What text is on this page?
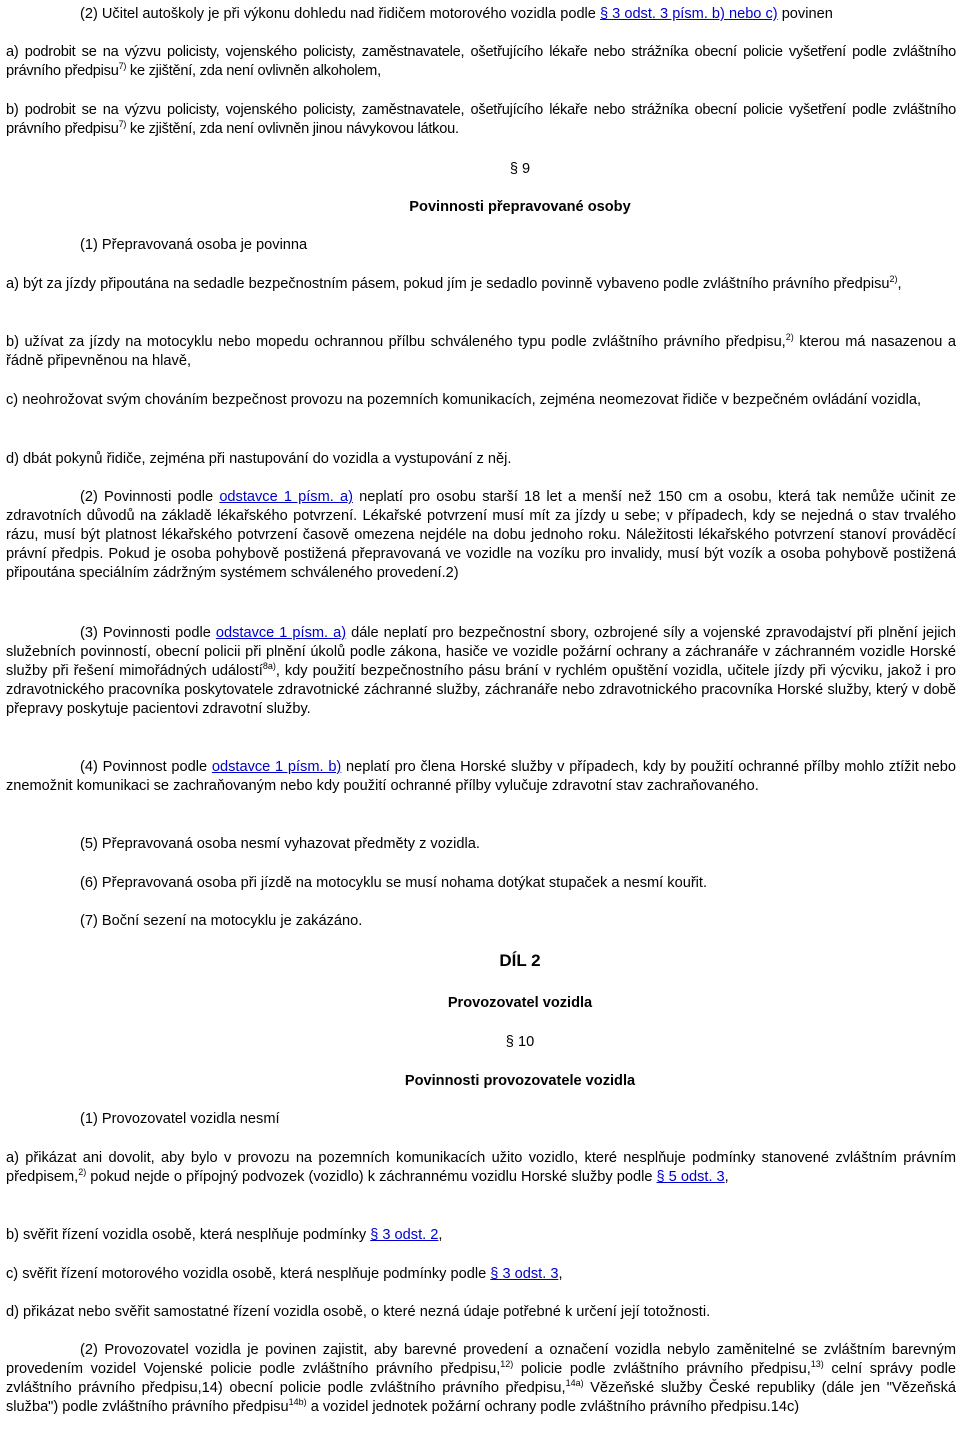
(2) Učitel autoškoly je při výkonu dohledu nad řidičem motorového vozidla podle § 3 odst. 3 písm. b) nebo c) povinen

a) podrobit se na výzvu policisty, vojenského policisty, zaměstnavatele, ošetřujícího lékaře nebo strážníka obecní policie vyšetření podle zvláštního právního předpisu$^{7)}$ ke zjištění, zda není ovlivněn alkoholem,

b) podrobit se na výzvu policisty, vojenského policisty, zaměstnavatele, ošetřujícího lékaře nebo strážníka obecní policie vyšetření podle zvláštního právního předpisu$^{7)}$ ke zjištění, zda není ovlivněn jinou návykovou látkou.

§ 9

Povinnosti přepravované osoby

(1) Přepravovaná osoba je povinna

a) být za jízdy připoutána na sedadle bezpečnostním pásem, pokud jím je sedadlo povinně vybaveno podle zvláštního právního předpisu$^{2)}$,

b) užívat za jízdy na motocyklu nebo mopedu ochrannou přílbu schváleného typu podle zvláštního právního předpisu,$^{2)}$ kterou má nasazenou a řádně připevněnou na hlavě,

c) neohrožovat svým chováním bezpečnost provozu na pozemních komunikacích, zejména neomezovat řidiče v bezpečném ovládání vozidla,

d) dbát pokynů řidiče, zejména při nastupování do vozidla a vystupování z něj.

(2) Povinnosti podle odstavce 1 písm. a) neplatí pro osobu starší 18 let a menší než 150 cm a osobu, která tak nemůže učinit ze zdravotních důvodů na základě lékařského potvrzení. Lékařské potvrzení musí mít za jízdy u sebe; v případech, kdy se nejedná o stav trvalého rázu, musí být platnost lékařského potvrzení časově omezena nejdéle na dobu jednoho roku. Náležitosti lékařského potvrzení stanoví prováděcí právní předpis. Pokud je osoba pohybově postižená přepravovaná ve vozidle na vozíku pro invalidy, musí být vozík a osoba pohybově postižená připoutána speciálním zádržným systémem schváleného provedení.2)

(3) Povinnosti podle odstavce 1 písm. a) dále neplatí pro bezpečnostní sbory, ozbrojené síly a vojenské zpravodajství při plnění jejich služebních povinností, obecní policii při plnění úkolů podle zákona, hasiče ve vozidle požární ochrany a záchranáře v záchranném vozidle Horské služby při řešení mimořádných událostí$^{8a)}$, kdy použití bezpečnostního pásu brání v rychlém opuštění vozidla, učitele jízdy při výcviku, jakož i pro zdravotnického pracovníka poskytovatele zdravotnické záchranné služby, záchranáře nebo zdravotnického pracovníka Horské služby, který v době přepravy poskytuje pacientovi zdravotní služby.

(4) Povinnost podle odstavce 1 písm. b) neplatí pro člena Horské služby v případech, kdy by použití ochranné přílby mohlo ztížit nebo znemožnit komunikaci se zachraňovaným nebo kdy použití ochranné přílby vylučuje zdravotní stav zachraňovaného.

(5) Přepravovaná osoba nesmí vyhazovat předměty z vozidla.

(6) Přepravovaná osoba při jízdě na motocyklu se musí nohama dotýkat stupaček a nesmí kouřit.

(7) Boční sezení na motocyklu je zakázáno.

DÍL 2

Provozovatel vozidla

§ 10

Povinnosti provozovatele vozidla

(1) Provozovatel vozidla nesmí

a) přikázat ani dovolit, aby bylo v provozu na pozemních komunikacích užito vozidlo, které nesplňuje podmínky stanovené zvláštním právním předpisem,$^{2)}$ pokud nejde o přípojný podvozek (vozidlo) k záchrannému vozidlu Horské služby podle § 5 odst. 3,

b) svěřit řízení vozidla osobě, která nesplňuje podmínky § 3 odst. 2,

c) svěřit řízení motorového vozidla osobě, která nesplňuje podmínky podle § 3 odst. 3,

d) přikázat nebo svěřit samostatné řízení vozidla osobě, o které nezná údaje potřebné k určení její totožnosti.

(2) Provozovatel vozidla je povinen zajistit, aby barevné provedení a označení vozidla nebylo zaměnitelné se zvláštním barevným provedením vozidel Vojenské policie podle zvláštního právního předpisu,$^{12)}$ policie podle zvláštního právního předpisu,$^{13)}$ celní správy podle zvláštního právního předpisu,14) obecní policie podle zvláštního právního předpisu,$^{14a)}$ Vězeňské služby České republiky (dále jen "Vězeňská služba") podle zvláštního právního předpisu$^{14b)}$ a vozidel jednotek požární ochrany podle zvláštního právního předpisu.14c)
